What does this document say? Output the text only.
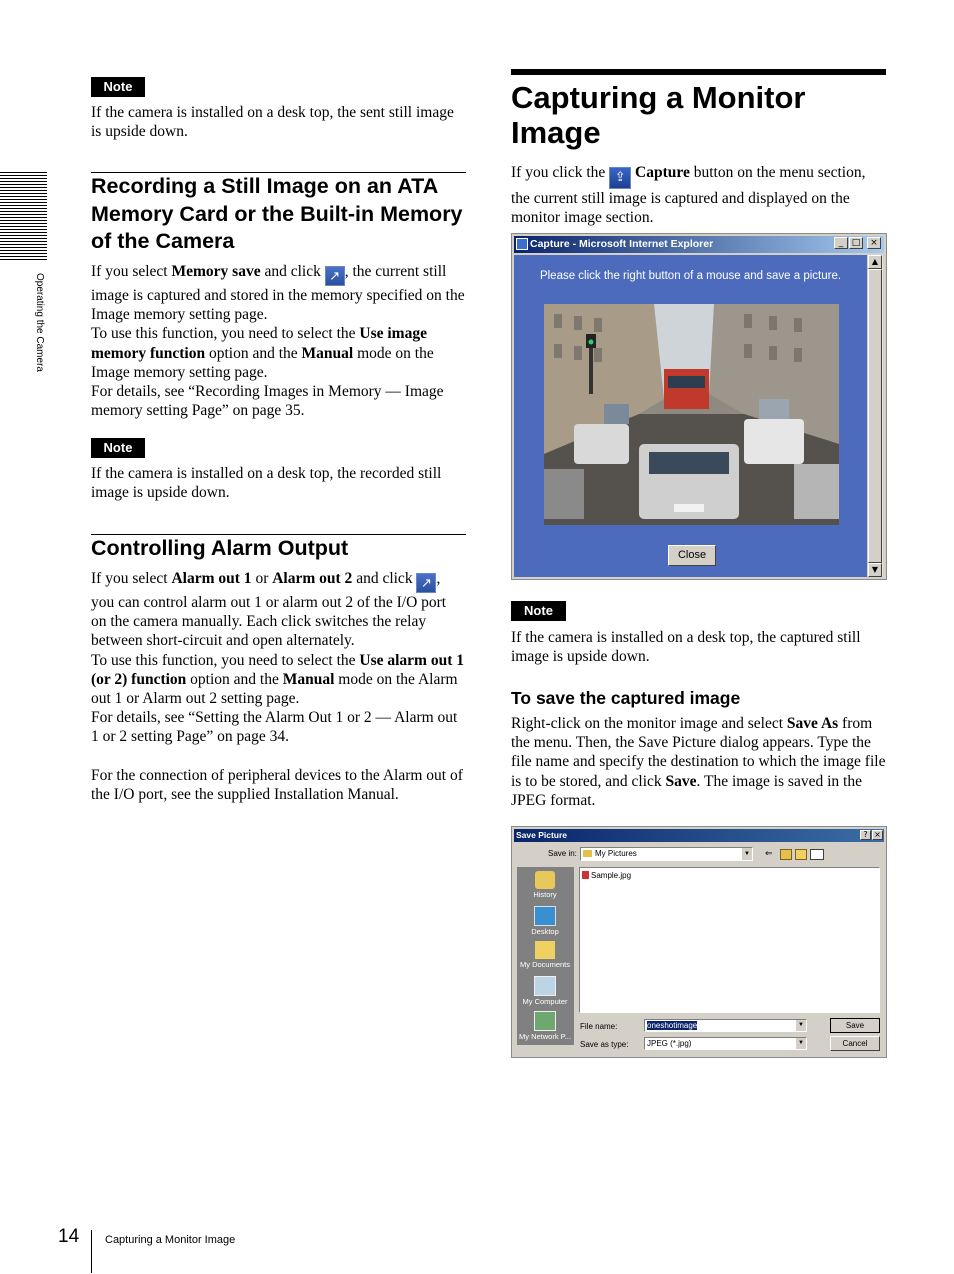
Operating the Camera
Note

If the camera is installed on a desk top, the sent still image is upside down.

Recording a Still Image on an ATA Memory Card or the Built-in Memory of the Camera

If you select Memory save and click ↗ , the current still image is captured and stored in the memory specified on the Image memory setting page.

To use this function, you need to select the Use image memory function option and the Manual mode on the Image memory setting page.

For details, see “Recording Images in Memory — Image memory setting Page” on page 35.

Note

If the camera is installed on a desk top, the recorded still image is upside down.

Controlling Alarm Output

If you select Alarm out 1 or Alarm out 2 and click ↗ , you can control alarm out 1 or alarm out 2 of the I/O port on the camera manually. Each click switches the relay between short-circuit and open alternately.

To use this function, you need to select the Use alarm out 1 (or 2) function option and the Manual mode on the Alarm out 1 or Alarm out 2 setting page.

For details, see “Setting the Alarm Out 1 or 2 — Alarm out 1 or 2 setting Page” on page 34.

For the connection of peripheral devices to the Alarm out of the I/O port, see the supplied Installation Manual.

Capturing a Monitor Image

If you click the ⇪ Capture button on the menu section, the current still image is captured and displayed on the monitor image section.

Capture - Microsoft Internet Explorer	_ □	×
Please click the right button of a mouse and save a picture.
Close
▲
▼
Note

If the camera is installed on a desk top, the captured still image is upside down.

To save the captured image

Right-click on the monitor image and select Save As from the menu. Then, the Save Picture dialog appears. Type the file name and specify the destination to which the image file is to be stored, and click Save. The image is saved in the JPEG format.

Save Picture	? ×
Save in:	My Pictures	▼ ⇐
History
Desktop
My Documents
My Computer
My Network P...
Sample.jpg
File name:	oneshotimage	▼
Save as type:	JPEG (*.jpg)	▼
Save
Cancel
14 Capturing a Monitor Image
